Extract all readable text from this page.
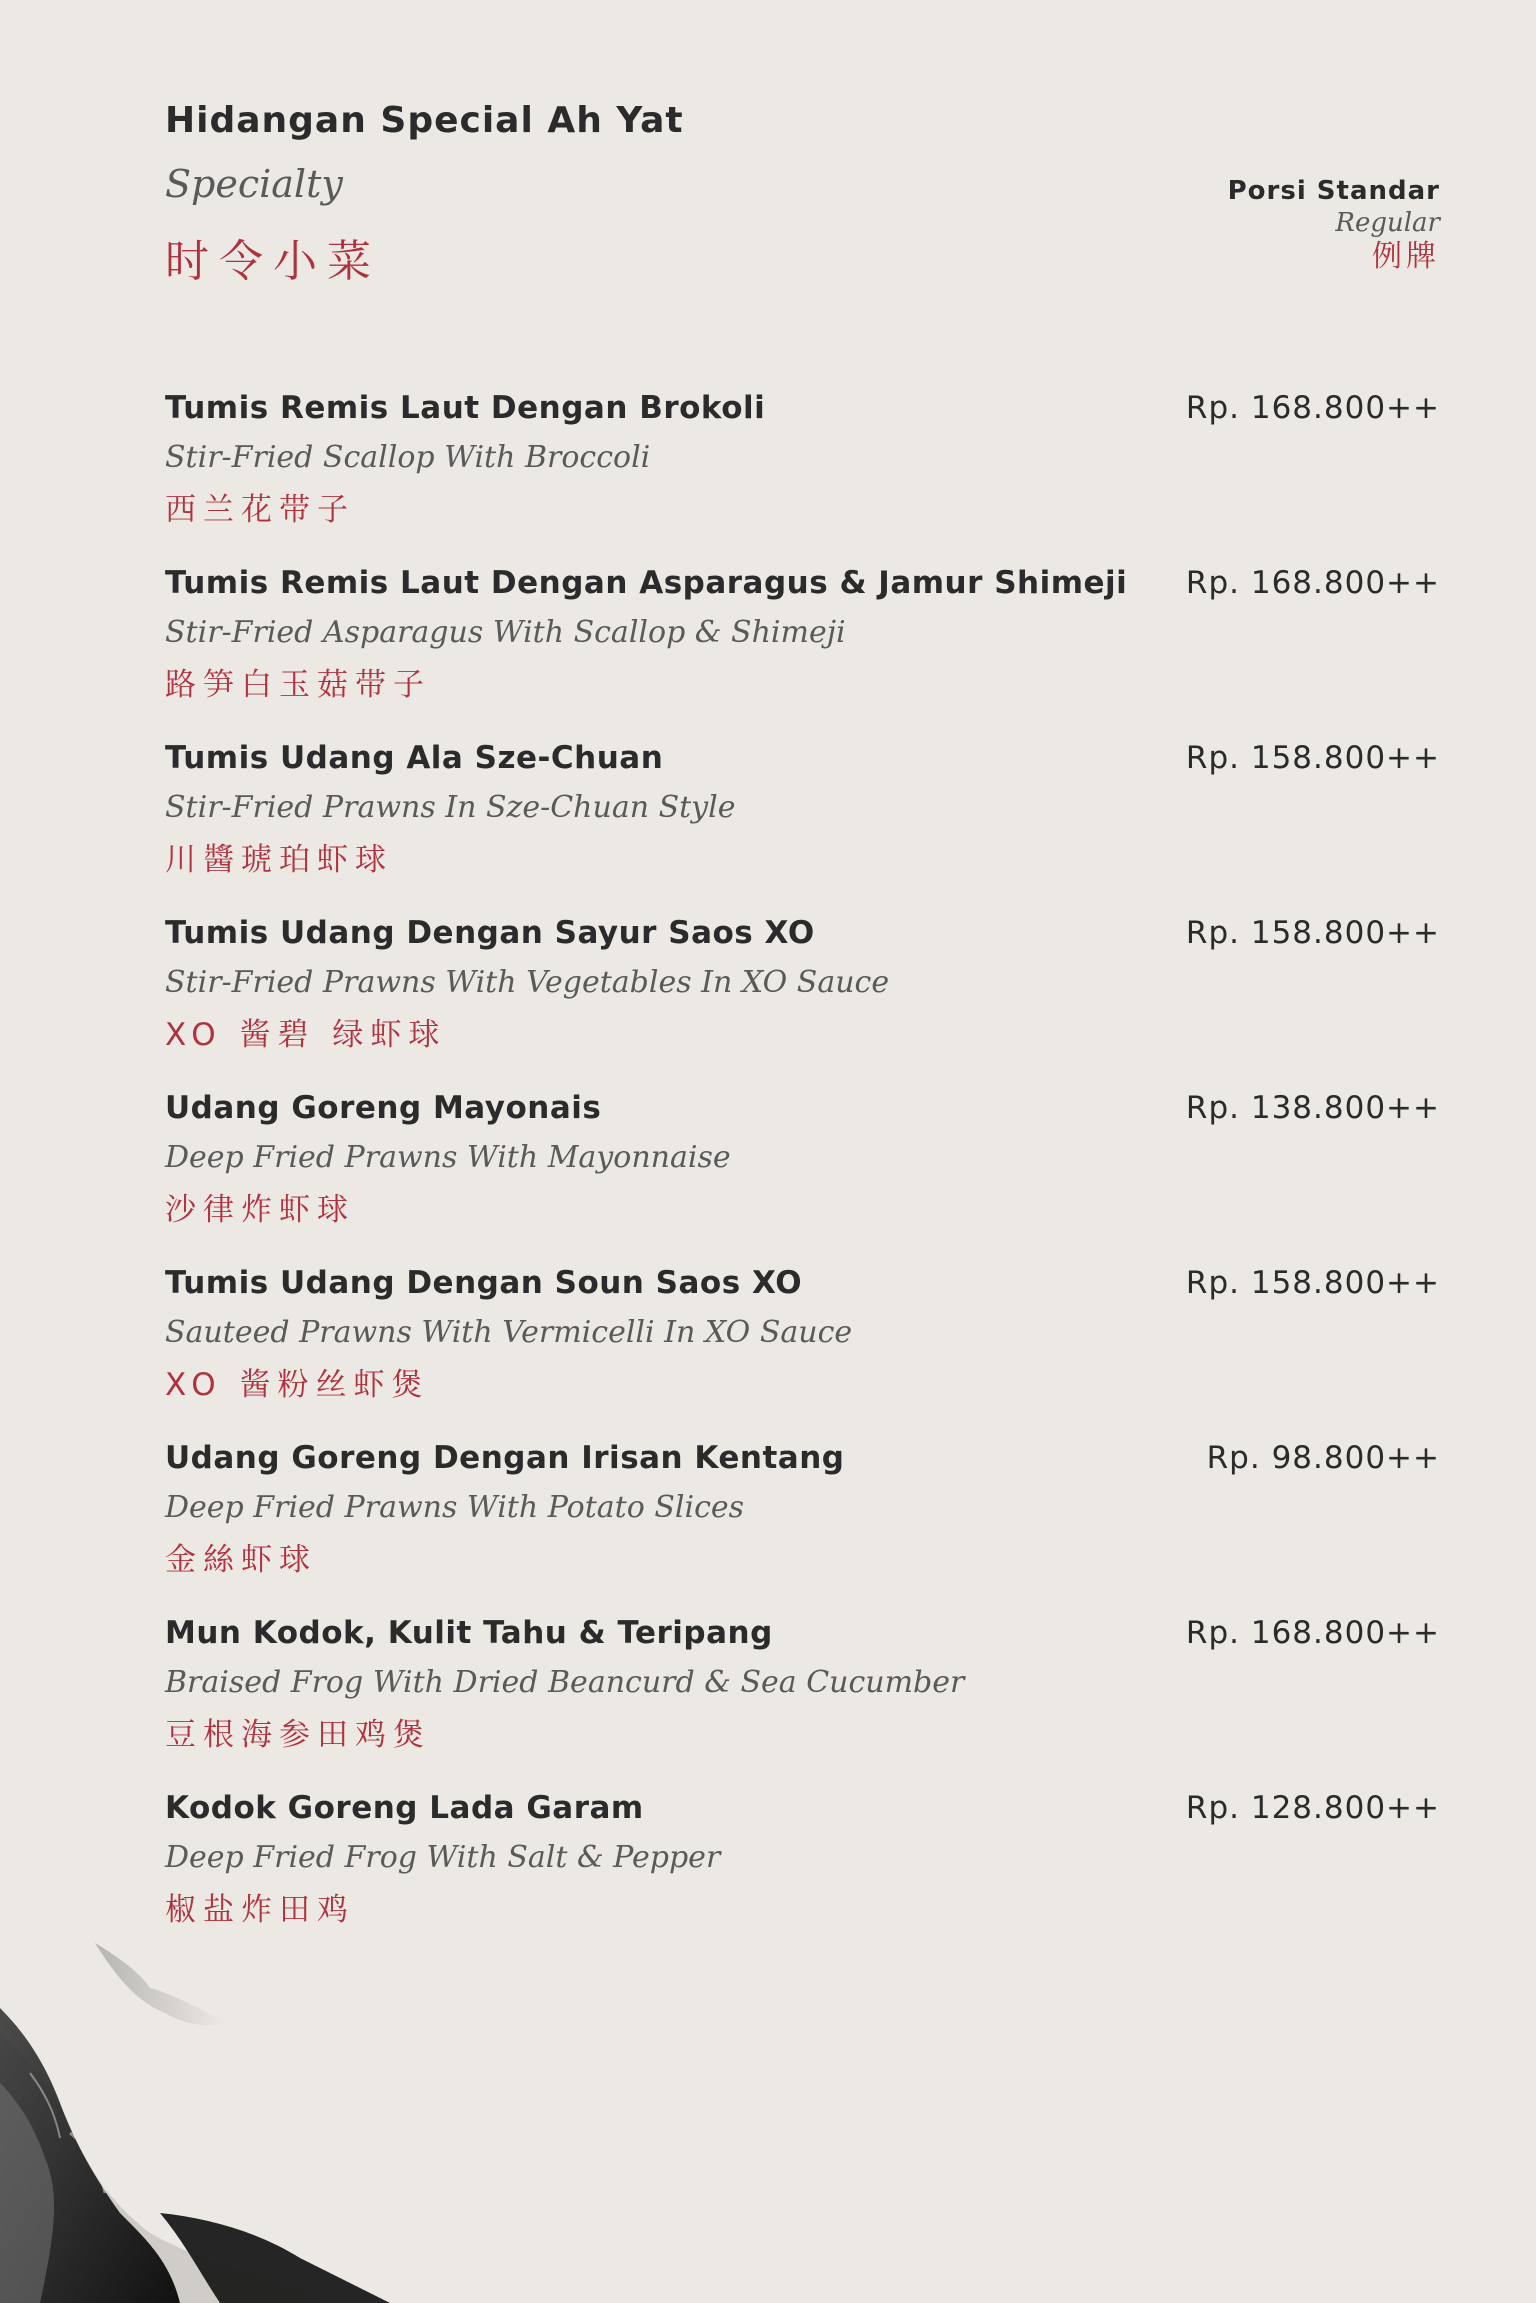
Hidangan Special Ah Yat
Specialty
时令小菜
Porsi Standar
Regular
例牌
Tumis Remis Laut Dengan Brokoli
Stir-Fried Scallop With Broccoli
西兰花带子
Rp. 168.800++
Tumis Remis Laut Dengan Asparagus & Jamur Shimeji
Stir-Fried Asparagus With Scallop & Shimeji
路笋白玉菇带子
Rp. 168.800++
Tumis Udang Ala Sze-Chuan
Stir-Fried Prawns In Sze-Chuan Style
川醬琥珀虾球
Rp. 158.800++
Tumis Udang Dengan Sayur Saos XO
Stir-Fried Prawns With Vegetables In XO Sauce
XO 酱碧 绿虾球
Rp. 158.800++
Udang Goreng Mayonais
Deep Fried Prawns With Mayonnaise
沙律炸虾球
Rp. 138.800++
Tumis Udang Dengan Soun Saos XO
Sauteed Prawns With Vermicelli In XO Sauce
XO 酱粉丝虾煲
Rp. 158.800++
Udang Goreng Dengan Irisan Kentang
Deep Fried Prawns With Potato Slices
金絲虾球
Rp. 98.800++
Mun Kodok, Kulit Tahu & Teripang
Braised Frog With Dried Beancurd & Sea Cucumber
豆根海参田鸡煲
Rp. 168.800++
Kodok Goreng Lada Garam
Deep Fried Frog With Salt & Pepper
椒盐炸田鸡
Rp. 128.800++
